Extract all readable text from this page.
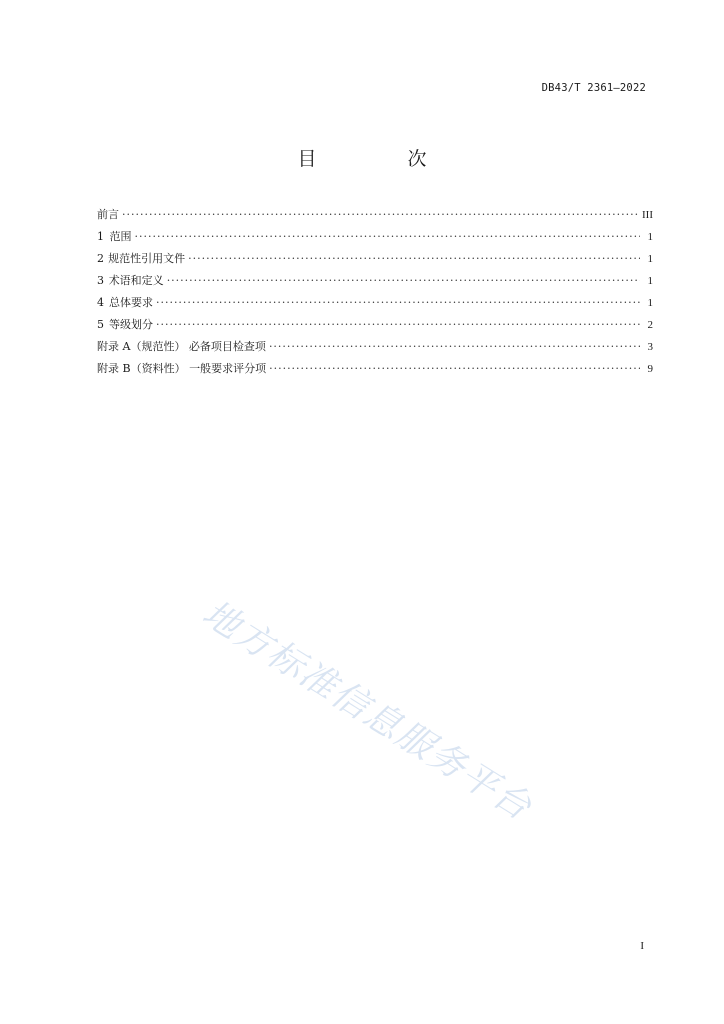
DB43/T 2361—2022
目　次
前言 ·····	III
1 范围 ·····	1
2 规范性引用文件 ·····	1
3 术语和定义 ·····	1
4 总体要求 ·····	1
5 等级划分 ·····	2
附录 A（规范性） 必备项目检查项 ·····	3
附录 B（资料性） 一般要求评分项 ·····	9
地方标准信息服务平台
I
